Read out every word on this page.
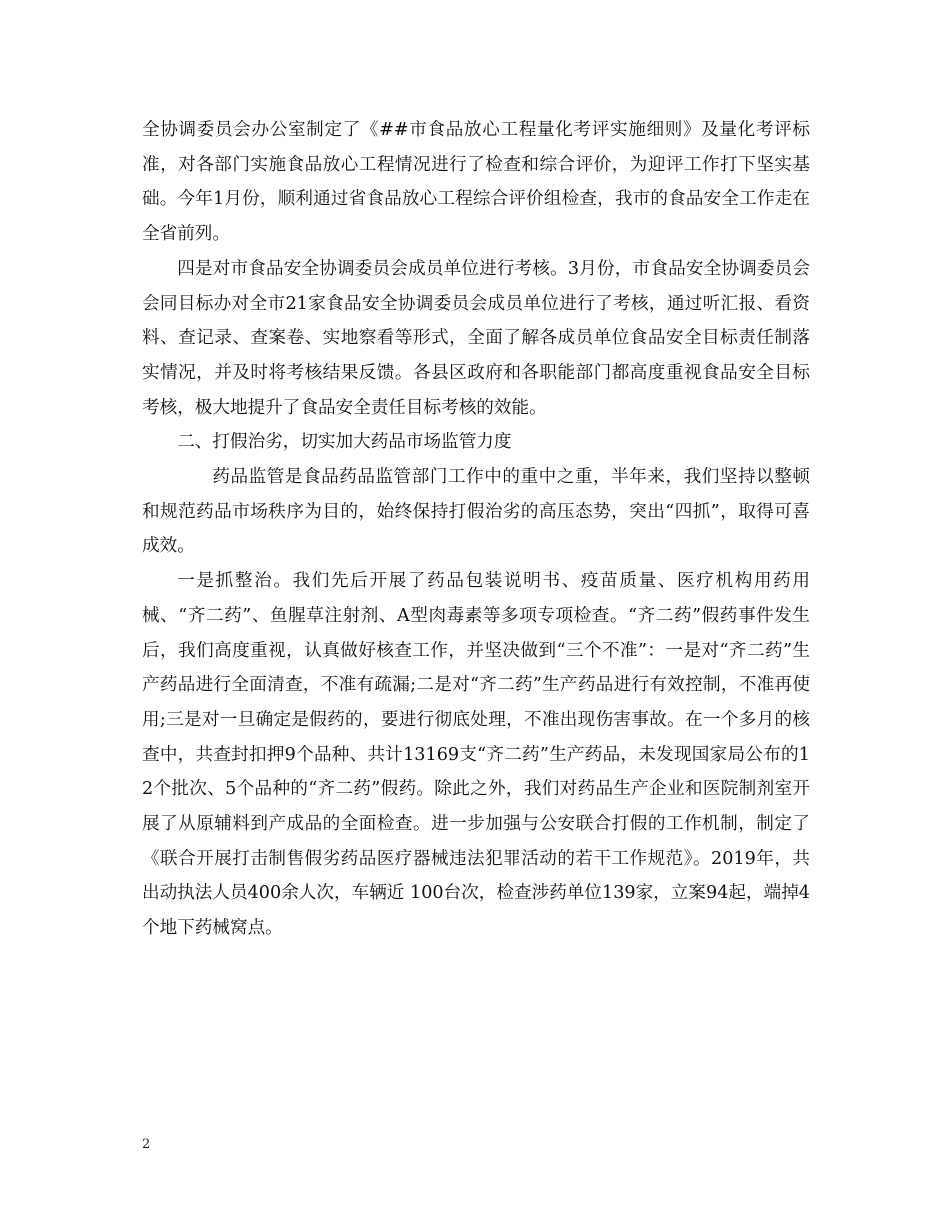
全协调委员会办公室制定了《##市食品放心工程量化考评实施细则》及量化考评标准，对各部门实施食品放心工程情况进行了检查和综合评价，为迎评工作打下坚实基础。今年1月份，顺利通过省食品放心工程综合评价组检查，我市的食品安全工作走在全省前列。

四是对市食品安全协调委员会成员单位进行考核。3月份，市食品安全协调委员会会同目标办对全市21家食品安全协调委员会成员单位进行了考核，通过听汇报、看资料、查记录、查案卷、实地察看等形式，全面了解各成员单位食品安全目标责任制落实情况，并及时将考核结果反馈。各县区政府和各职能部门都高度重视食品安全目标考核，极大地提升了食品安全责任目标考核的效能。

二、打假治劣，切实加大药品市场监管力度

药品监管是食品药品监管部门工作中的重中之重，半年来，我们坚持以整顿和规范药品市场秩序为目的，始终保持打假治劣的高压态势，突出“四抓”，取得可喜成效。

一是抓整治。我们先后开展了药品包装说明书、疫苗质量、医疗机构用药用械、“齐二药”、鱼腥草注射剂、A型肉毒素等多项专项检查。“齐二药”假药事件发生后，我们高度重视，认真做好核查工作，并坚决做到“三个不准”：一是对“齐二药”生产药品进行全面清查，不准有疏漏;二是对“齐二药”生产药品进行有效控制，不准再使用;三是对一旦确定是假药的，要进行彻底处理，不准出现伤害事故。在一个多月的核查中，共查封扣押9个品种、共计13169支“齐二药”生产药品，未发现国家局公布的12个批次、5个品种的“齐二药”假药。除此之外，我们对药品生产企业和医院制剂室开展了从原辅料到产成品的全面检查。进一步加强与公安联合打假的工作机制，制定了《联合开展打击制售假劣药品医疗器械违法犯罪活动的若干工作规范》。2019年，共出动执法人员400余人次，车辆近 100台次，检查涉药单位139家，立案94起，端掉4个地下药械窝点。

2
